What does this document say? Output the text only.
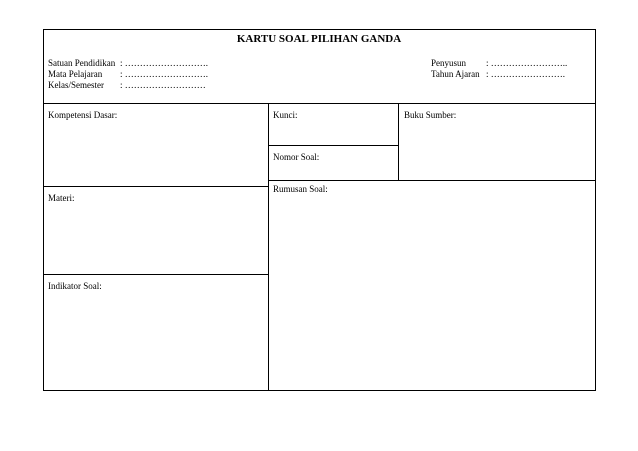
KARTU SOAL PILIHAN GANDA
Satuan Pendidikan : ……………………….
Mata Pelajaran : ……………………….
Kelas/Semester : ………………………
Penyusun : ……………………..
Tahun Ajaran : …………………….
Kompetensi Dasar:	Kunci:	Buku Sumber:
Nomor Soal:
Rumusan Soal:
Materi:
Indikator Soal:
